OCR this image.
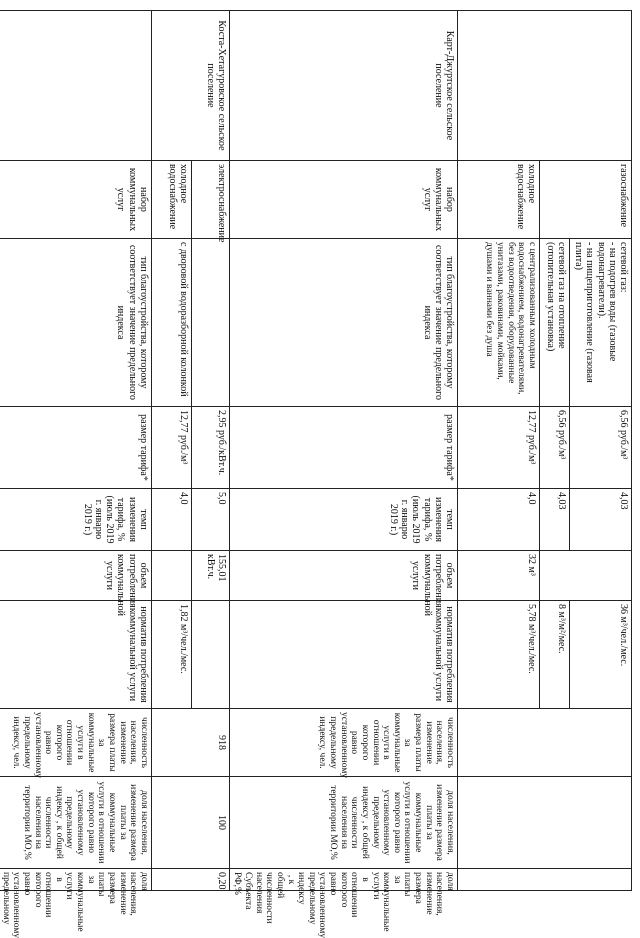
	газоснабжение	сетевой газ:
- на подогрев воды (газовые водонагреватели).
- на пищеприготовление (газовая плита)	6,56 руб./м³	4,03		36 м³/чел./мес.			
		сетевой газ на отопление (отопительная установка)	6,56 руб./м³	4,03		8 м³/м²/мес.			
	холодное водоснабжение	с централизованным холодным водоснабжением, водонагревателями, без водоотведения, оборудованные унитазами, раковинами, мойками, душами и ваннами без душа	12,77 руб./м³	4,0	32 м³	5,78 м³/чел./мес.			
Карт-Джуртское сельское поселение	набор коммунальных услуг	тип благоустройства, которому соответствует значение предельного индекса	размер тарифа*	темп изменения тарифа, % (июль 2019 г. январю 2019 г.)	объем потребления коммунальной услуги	норматив потребления коммунальной услуги	численность населения, изменение размера платы за коммунальные услуги в отношении которого равно установленному предельному индексу, чел.	доля населения, изменение размера платы за коммунальные услуги в отношении которого равно установленному предельному индексу , к общей численности населения на территории МО,%	доля населения, изменение размера платы за коммунальные услуги в отношении которого равно установленному предельному индексу , к общей численности населения Субъекта РФ,%
Коста-Хетагуровское сельское поселение	электроснабжение		2,95 руб./кВт.ч.	5,0	155,01 кВт.ч.		918	100	0,20
	холодное водоснабжение	с дворовой водоразборной колонкой	12,77 руб./м³	4,0		1,82 м³/чел./мес.			
	набор коммунальных услуг	тип благоустройства, которому соответствует значение предельного индекса	размер тарифа*	темп изменения тарифа, % (июль 2019 г. январю 2019 г.)	объем потребления коммунальной услуги	норматив потребления коммунальной услуги	численность населения, изменение размера платы за коммунальные услуги в отношении которого равно установленному предельному индексу, чел.	доля населения, изменение размера платы за коммунальные услуги в отношении которого равно установленному предельному индексу , к общей численности населения на территории МО,%	доля населения, изменение размера платы за коммунальные услуги в отношении которого равно установленному предельному
